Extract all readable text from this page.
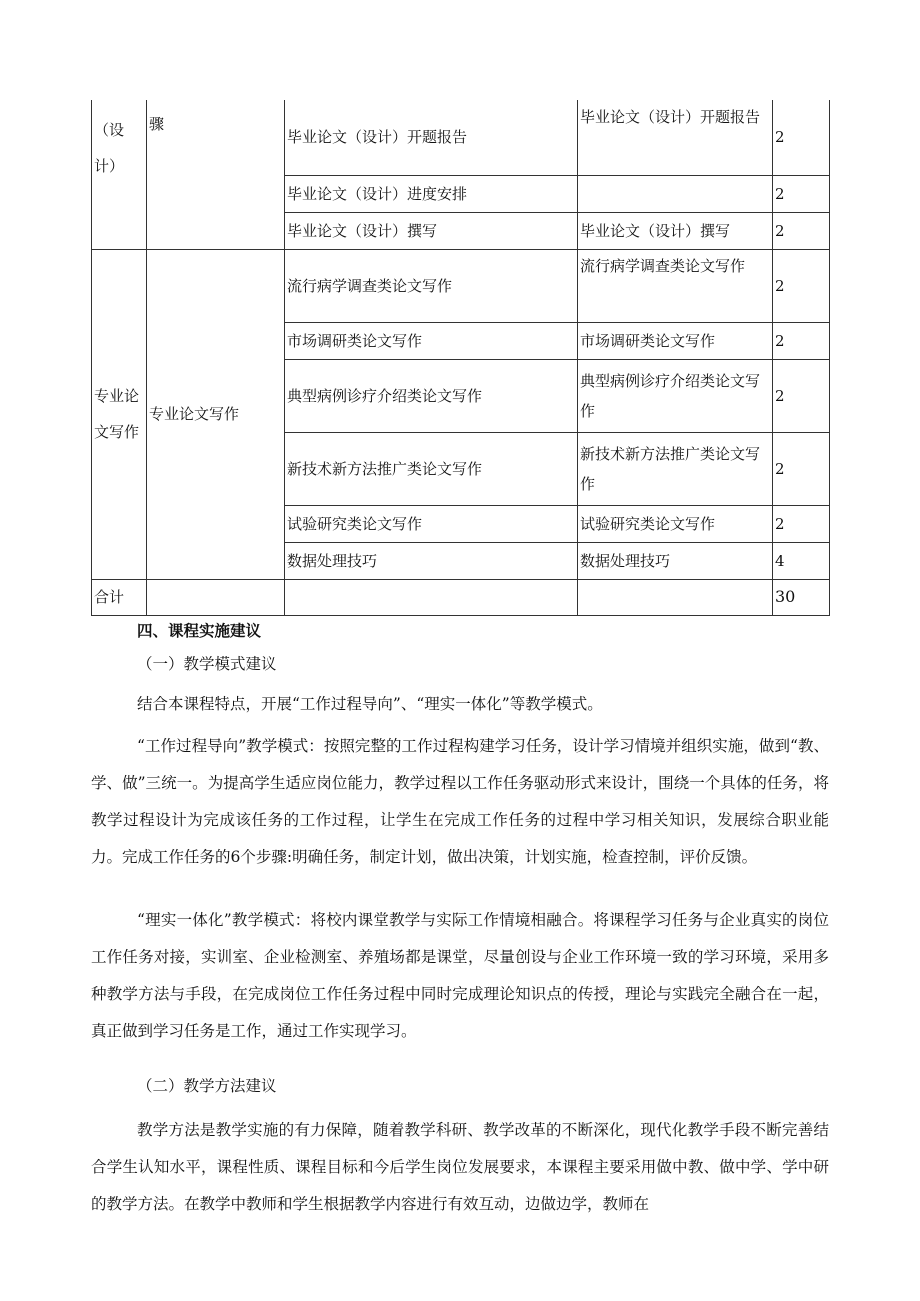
（设计）	骤	毕业论文（设计）开题报告	毕业论文（设计）开题报告	2
		毕业论文（设计）进度安排		2
		毕业论文（设计）撰写	毕业论文（设计）撰写	2
专业论文写作	专业论文写作	流行病学调查类论文写作	流行病学调查类论文写作	2
		市场调研类论文写作	市场调研类论文写作	2
		典型病例诊疗介绍类论文写作	典型病例诊疗介绍类论文写作	2
		新技术新方法推广类论文写作	新技术新方法推广类论文写作	2
		试验研究类论文写作	试验研究类论文写作	2
		数据处理技巧	数据处理技巧	4
合计				30
四、课程实施建议
（一）教学模式建议

结合本课程特点，开展“工作过程导向”、“理实一体化”等教学模式。

“工作过程导向”教学模式：按照完整的工作过程构建学习任务，设计学习情境并组织实施，做到“教、学、做”三统一。为提高学生适应岗位能力，教学过程以工作任务驱动形式来设计，围绕一个具体的任务，将教学过程设计为完成该任务的工作过程，让学生在完成工作任务的过程中学习相关知识，发展综合职业能力。完成工作任务的6个步骤:明确任务，制定计划，做出决策，计划实施，检查控制，评价反馈。

“理实一体化”教学模式：将校内课堂教学与实际工作情境相融合。将课程学习任务与企业真实的岗位工作任务对接，实训室、企业检测室、养殖场都是课堂，尽量创设与企业工作环境一致的学习环境，采用多种教学方法与手段，在完成岗位工作任务过程中同时完成理论知识点的传授，理论与实践完全融合在一起，真正做到学习任务是工作，通过工作实现学习。

（二）教学方法建议

教学方法是教学实施的有力保障，随着教学科研、教学改革的不断深化，现代化教学手段不断完善结合学生认知水平，课程性质、课程目标和今后学生岗位发展要求，本课程主要采用做中教、做中学、学中研的教学方法。在教学中教师和学生根据教学内容进行有效互动，边做边学，教师在
